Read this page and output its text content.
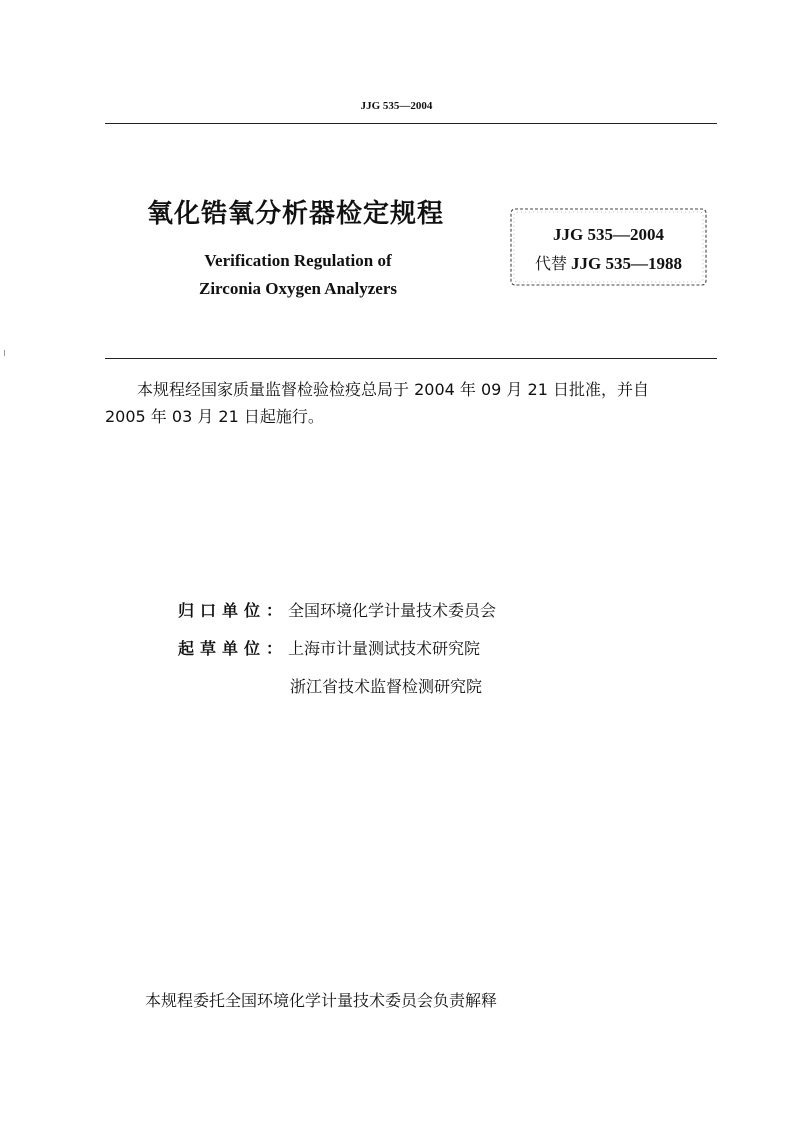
JJG 535—2004
氧化锆氧分析器检定规程
Verification Regulation of
Zirconia Oxygen Analyzers
JJG 535—2004
代替 JJG 535—1988

本规程经国家质量监督检验检疫总局于 2004 年 09 月 21 日批准，并自

2005 年 03 月 21 日起施行。

归口单位：全国环境化学计量技术委员会
起草单位：上海市计量测试技术研究院
浙江省技术监督检测研究院
本规程委托全国环境化学计量技术委员会负责解释
